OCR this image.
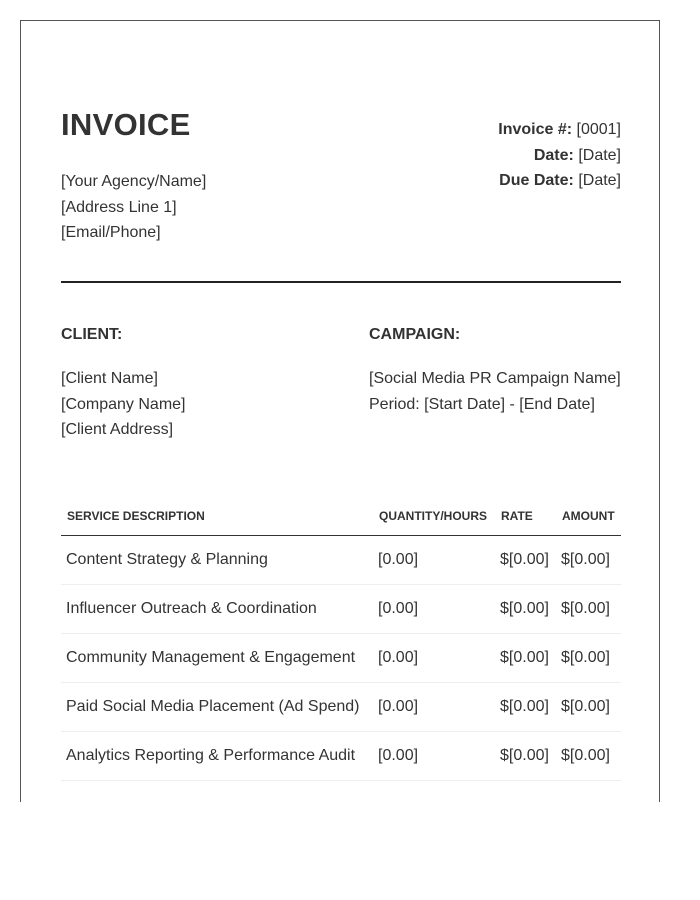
INVOICE
[Your Agency/Name]
[Address Line 1]
[Email/Phone]
Invoice #: [0001]
Date: [Date]
Due Date: [Date]
CLIENT:	CAMPAIGN:
[Client Name]
[Company Name]
[Client Address]
[Social Media PR Campaign Name]
Period: [Start Date] - [End Date]
SERVICE DESCRIPTION	QUANTITY/HOURS	RATE	AMOUNT
Content Strategy & Planning	[0.00]	$[0.00]	$[0.00]
Influencer Outreach & Coordination	[0.00]	$[0.00]	$[0.00]
Community Management & Engagement	[0.00]	$[0.00]	$[0.00]
Paid Social Media Placement (Ad Spend)	[0.00]	$[0.00]	$[0.00]
Analytics Reporting & Performance Audit	[0.00]	$[0.00]	$[0.00]
